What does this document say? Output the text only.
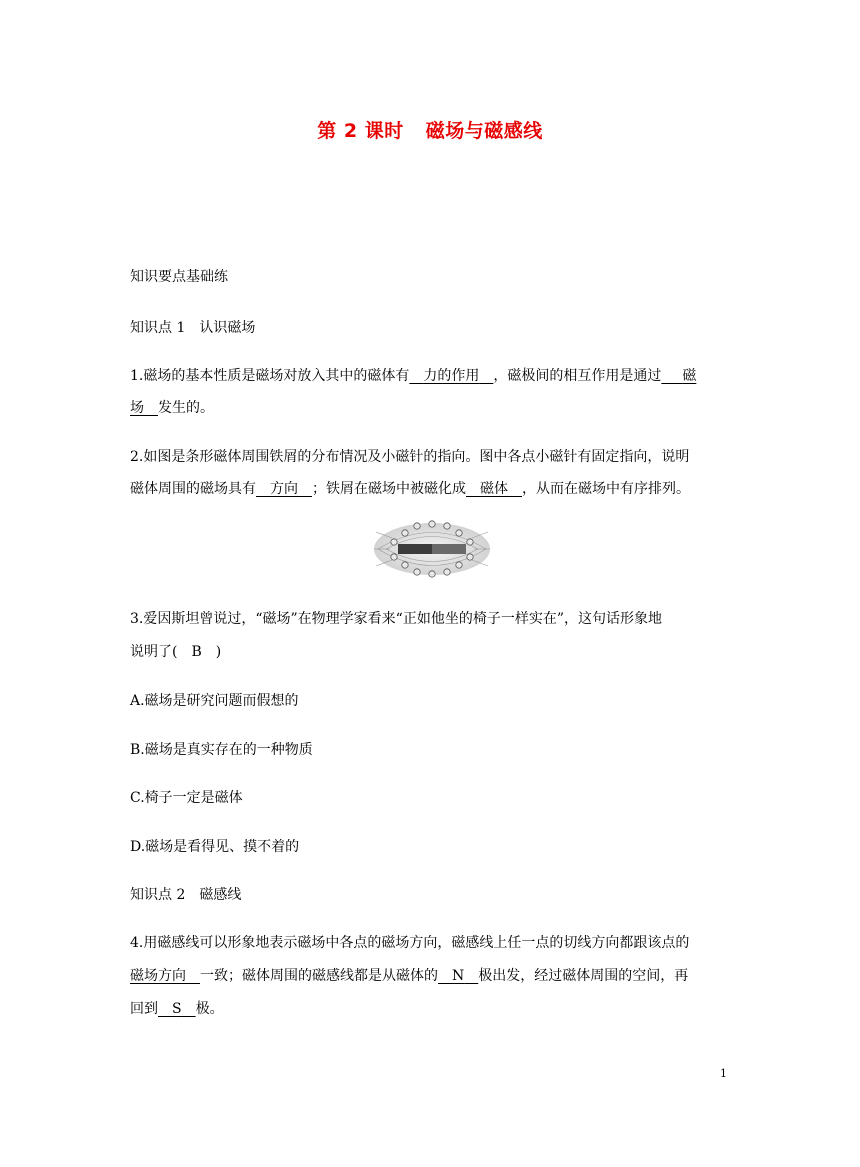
第 2 课时 磁场与磁感线
知识要点基础练
知识点 1　认识磁场
1.磁场的基本性质是磁场对放入其中的磁体有   力的作用   ，磁极间的相互作用是通过    磁
场   发生的。
2.如图是条形磁体周围铁屑的分布情况及小磁针的指向。图中各点小磁针有固定指向，说明
磁体周围的磁场具有   方向   ；铁屑在磁场中被磁化成   磁体   ，从而在磁场中有序排列。
3.爱因斯坦曾说过，“磁场”在物理学家看来“正如他坐的椅子一样实在”，这句话形象地
说明了(   B   )
A.磁场是研究问题而假想的
B.磁场是真实存在的一种物质
C.椅子一定是磁体
D.磁场是看得见、摸不着的
知识点 2　磁感线
4.用磁感线可以形象地表示磁场中各点的磁场方向，磁感线上任一点的切线方向都跟该点的
磁场方向   一致；磁体周围的磁感线都是从磁体的   N   极出发，经过磁体周围的空间，再
回到   S   极。
1
